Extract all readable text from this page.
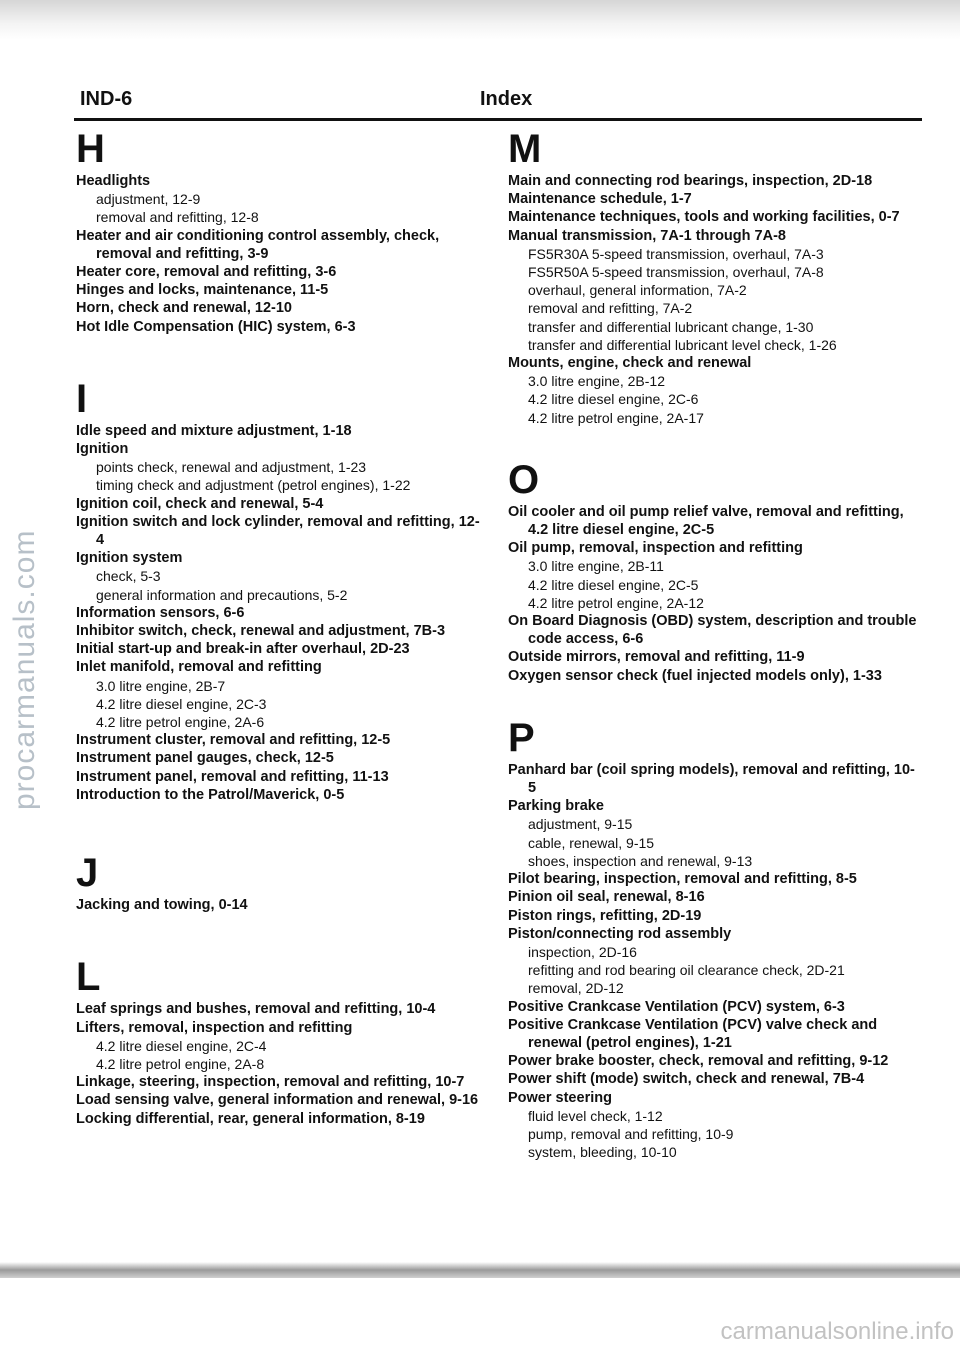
IND-6	Index
H
Headlights
adjustment, 12-9
removal and refitting, 12-8
Heater and air conditioning control assembly, check, removal and refitting, 3-9
Heater core, removal and refitting, 3-6
Hinges and locks, maintenance, 11-5
Horn, check and renewal, 12-10
Hot Idle Compensation (HIC) system, 6-3
I
Idle speed and mixture adjustment, 1-18
Ignition
points check, renewal and adjustment, 1-23
timing check and adjustment (petrol engines), 1-22
Ignition coil, check and renewal, 5-4
Ignition switch and lock cylinder, removal and refitting, 12-4
Ignition system
check, 5-3
general information and precautions, 5-2
Information sensors, 6-6
Inhibitor switch, check, renewal and adjustment, 7B-3
Initial start-up and break-in after overhaul, 2D-23
Inlet manifold, removal and refitting
3.0 litre engine, 2B-7
4.2 litre diesel engine, 2C-3
4.2 litre petrol engine, 2A-6
Instrument cluster, removal and refitting, 12-5
Instrument panel gauges, check, 12-5
Instrument panel, removal and refitting, 11-13
Introduction to the Patrol/Maverick, 0-5
J
Jacking and towing, 0-14
L
Leaf springs and bushes, removal and refitting, 10-4
Lifters, removal, inspection and refitting
4.2 litre diesel engine, 2C-4
4.2 litre petrol engine, 2A-8
Linkage, steering, inspection, removal and refitting, 10-7
Load sensing valve, general information and renewal, 9-16
Locking differential, rear, general information, 8-19
M
Main and connecting rod bearings, inspection, 2D-18
Maintenance schedule, 1-7
Maintenance techniques, tools and working facilities, 0-7
Manual transmission, 7A-1 through 7A-8
FS5R30A 5-speed transmission, overhaul, 7A-3
FS5R50A 5-speed transmission, overhaul, 7A-8
overhaul, general information, 7A-2
removal and refitting, 7A-2
transfer and differential lubricant change, 1-30
transfer and differential lubricant level check, 1-26
Mounts, engine, check and renewal
3.0 litre engine, 2B-12
4.2 litre diesel engine, 2C-6
4.2 litre petrol engine, 2A-17
O
Oil cooler and oil pump relief valve, removal and refitting, 4.2 litre diesel engine, 2C-5
Oil pump, removal, inspection and refitting
3.0 litre engine, 2B-11
4.2 litre diesel engine, 2C-5
4.2 litre petrol engine, 2A-12
On Board Diagnosis (OBD) system, description and trouble code access, 6-6
Outside mirrors, removal and refitting, 11-9
Oxygen sensor check (fuel injected models only), 1-33
P
Panhard bar (coil spring models), removal and refitting, 10-5
Parking brake
adjustment, 9-15
cable, renewal, 9-15
shoes, inspection and renewal, 9-13
Pilot bearing, inspection, removal and refitting, 8-5
Pinion oil seal, renewal, 8-16
Piston rings, refitting, 2D-19
Piston/connecting rod assembly
inspection, 2D-16
refitting and rod bearing oil clearance check, 2D-21
removal, 2D-12
Positive Crankcase Ventilation (PCV) system, 6-3
Positive Crankcase Ventilation (PCV) valve check and renewal (petrol engines), 1-21
Power brake booster, check, removal and refitting, 9-12
Power shift (mode) switch, check and renewal, 7B-4
Power steering
fluid level check, 1-12
pump, removal and refitting, 10-9
system, bleeding, 10-10
procarmanuals.com
carmanualsonline.info
